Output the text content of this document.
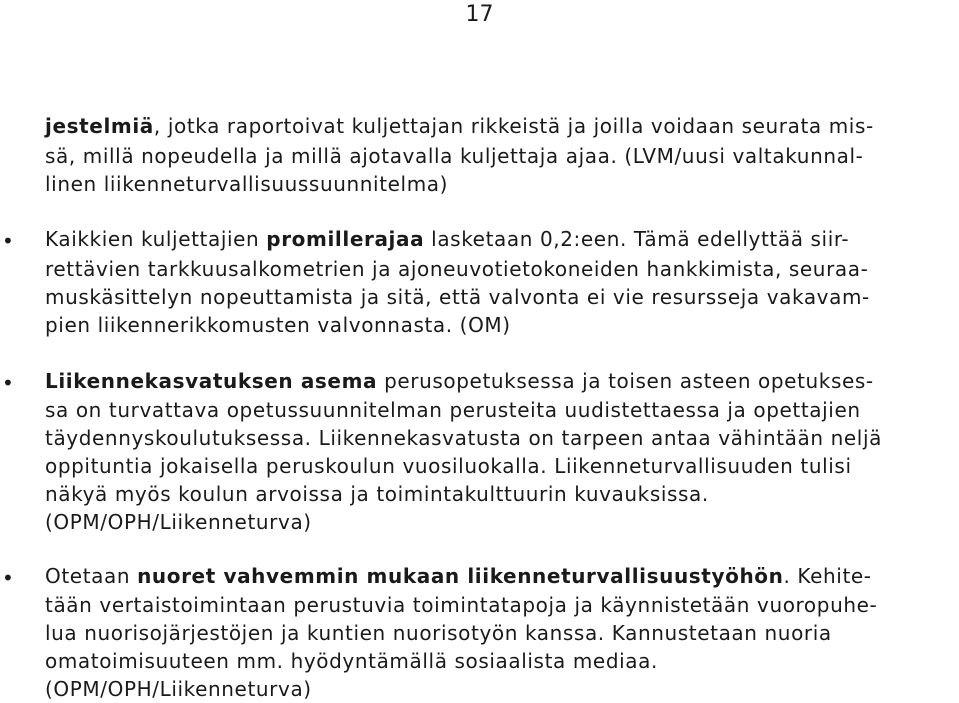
17
jestelmiä, jotka raportoivat kuljettajan rikkeistä ja joilla voidaan seurata mis-
sä, millä nopeudella ja millä ajotavalla kuljettaja ajaa. (LVM/uusi valtakunnal-
linen liikenneturvallisuussuunnitelma)
• Kaikkien kuljettajien promillerajaa lasketaan 0,2:een. Tämä edellyttää siir-
rettävien tarkkuusalkometrien ja ajoneuvotietokoneiden hankkimista, seuraa-
muskäsittelyn nopeuttamista ja sitä, että valvonta ei vie resursseja vakavam-
pien liikennerikkomusten valvonnasta. (OM)
• Liikennekasvatuksen asema perusopetuksessa ja toisen asteen opetukses-
sa on turvattava opetussuunnitelman perusteita uudistettaessa ja opettajien
täydennyskoulutuksessa. Liikennekasvatusta on tarpeen antaa vähintään neljä
oppituntia jokaisella peruskoulun vuosiluokalla. Liikenneturvallisuuden tulisi
näkyä myös koulun arvoissa ja toimintakulttuurin kuvauksissa.
(OPM/OPH/Liikenneturva)
• Otetaan nuoret vahvemmin mukaan liikenneturvallisuustyöhön. Kehite-
tään vertaistoimintaan perustuvia toimintatapoja ja käynnistetään vuoropuhe-
lua nuorisojärjestöjen ja kuntien nuorisotyön kanssa. Kannustetaan nuoria
omatoimisuuteen mm. hyödyntämällä sosiaalista mediaa.
(OPM/OPH/Liikenneturva)
